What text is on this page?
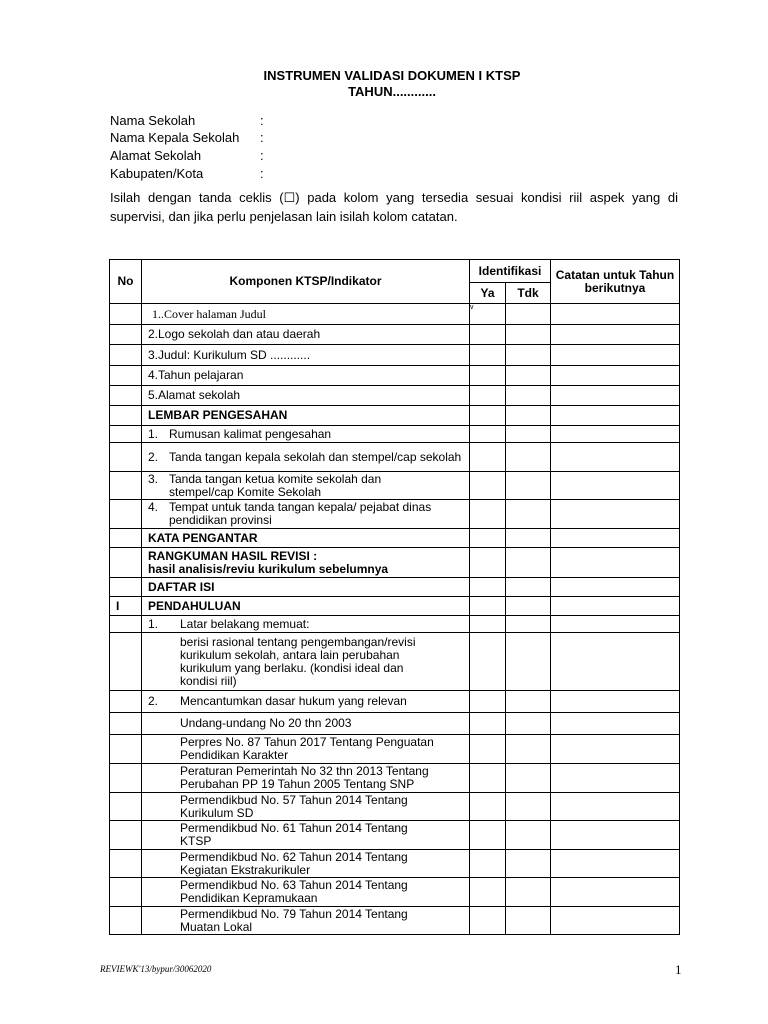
INSTRUMEN VALIDASI DOKUMEN I KTSP
TAHUN............
Nama Sekolah	:
Nama Kepala Sekolah :
Alamat Sekolah	:
Kabupaten/Kota	:
Isilah dengan tanda ceklis (☐) pada kolom yang tersedia sesuai kondisi riil aspek yang di supervisi, dan jika perlu penjelasan lain isilah kolom catatan.
No	Komponen KTSP/Indikator	Identifikasi		Catatan untuk Tahun berikutnya
		Ya	Tdk	
	1..Cover halaman Judul	v		
	2.Logo sekolah dan atau daerah			
	3.Judul: Kurikulum SD ............			
	4.Tahun pelajaran			
	5.Alamat sekolah			
	LEMBAR PENGESAHAN			

	1. Rumusan kalimat pengesahan			

	2. Tanda tangan kepala sekolah dan stempel/cap sekolah			

	3. Tanda tangan ketua komite sekolah dan stempel/cap Komite Sekolah			

	4. Tempat untuk tanda tangan kepala/ pejabat dinas pendidikan provinsi			

	KATA PENGANTAR			

	RANGKUMAN HASIL REVISI :
hasil analisis/reviu kurikulum sebelumnya			

	DAFTAR ISI			
I	PENDAHULUAN			

	1. Latar belakang memuat:			

	berisi rasional tentang pengembangan/revisi kurikulum sekolah, antara lain perubahan kurikulum yang berlaku. (kondisi ideal dan kondisi riil)			

	2. Mencantumkan dasar hukum yang relevan			

	Undang-undang No 20 thn 2003			

	Perpres No. 87 Tahun 2017 Tentang Penguatan Pendidikan Karakter			

	Peraturan Pemerintah No 32 thn 2013 Tentang Perubahan PP 19 Tahun 2005 Tentang SNP			

	Permendikbud No. 57 Tahun 2014 Tentang Kurikulum SD			

	Permendikbud No. 61 Tahun 2014 Tentang KTSP			

	Permendikbud No. 62 Tahun 2014 Tentang Kegiatan Ekstrakurikuler			

	Permendikbud No. 63 Tahun 2014 Tentang Pendidikan Kepramukaan			

	Permendikbud No. 79 Tahun 2014 Tentang Muatan Lokal			

REVIEWK'13/bypur/30062020	1
